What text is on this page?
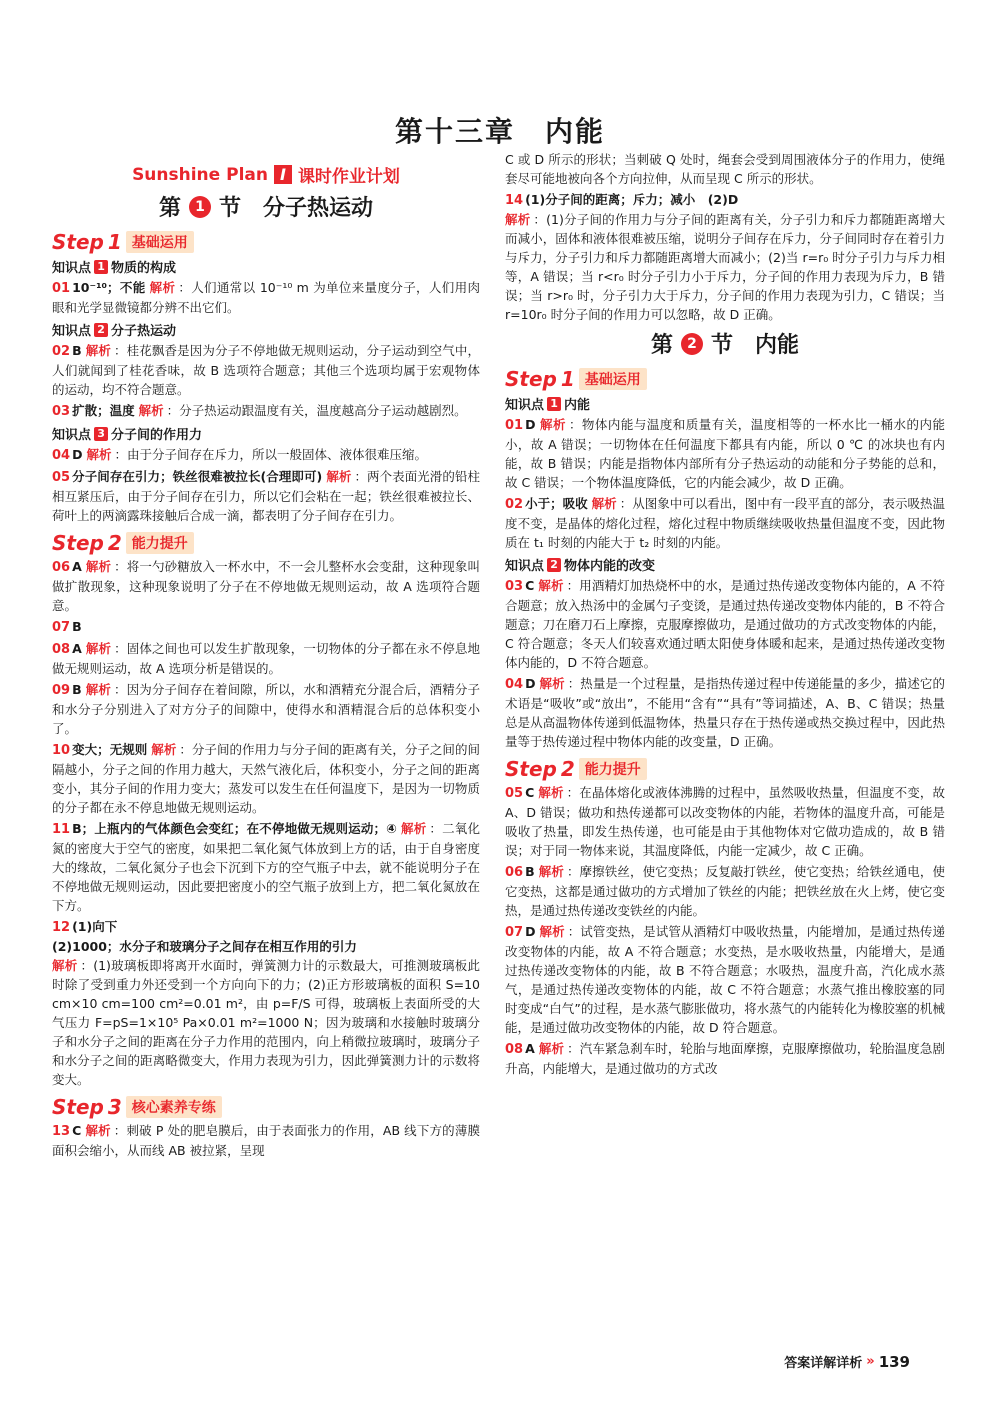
第十三章　内能
Sunshine Plan I 课时作业计划
第	1 节　分子热运动
Step 1 基础运用
知识点 1 物质的构成

01 10⁻¹⁰；不能 解析 ：人们通常以 10⁻¹⁰ m 为单位来量度分子，人们用肉眼和光学显微镜都分辨不出它们。

知识点 2 分子热运动

02 B 解析 ：桂花飘香是因为分子不停地做无规则运动，分子运动到空气中，人们就闻到了桂花香味，故 B 选项符合题意；其他三个选项均属于宏观物体的运动，均不符合题意。

03 扩散；温度 解析 ：分子热运动跟温度有关，温度越高分子运动越剧烈。

知识点 3 分子间的作用力

04 D 解析 ：由于分子间存在斥力，所以一般固体、液体很难压缩。

05 分子间存在引力；铁丝很难被拉长(合理即可) 解析 ：两个表面光滑的铅柱相互紧压后，由于分子间存在引力，所以它们会粘在一起；铁丝很难被拉长、荷叶上的两滴露珠接触后合成一滴，都表明了分子间存在引力。

Step 2 能力提升

06 A 解析 ：将一勺砂糖放入一杯水中，不一会儿整杯水会变甜，这种现象叫做扩散现象，这种现象说明了分子在不停地做无规则运动，故 A 选项符合题意。

07 B

08 A 解析 ：固体之间也可以发生扩散现象，一切物体的分子都在永不停息地做无规则运动，故 A 选项分析是错误的。

09 B 解析 ：因为分子间存在着间隙，所以，水和酒精充分混合后，酒精分子和水分子分别进入了对方分子的间隙中，使得水和酒精混合后的总体积变小了。

10 变大；无规则 解析 ：分子间的作用力与分子间的距离有关，分子之间的间隔越小，分子之间的作用力越大，天然气液化后，体积变小，分子之间的距离变小，其分子间的作用力变大；蒸发可以发生在任何温度下，是因为一切物质的分子都在永不停息地做无规则运动。

11 B；上瓶内的气体颜色会变红；在不停地做无规则运动；④ 解析 ：二氧化氮的密度大于空气的密度，如果把二氧化氮气体放到上方的话，由于自身密度大的缘故，二氧化氮分子也会下沉到下方的空气瓶子中去，就不能说明分子在不停地做无规则运动，因此要把密度小的空气瓶子放到上方，把二氧化氮放在下方。

12 (1)向下
(2)1000；水分子和玻璃分子之间存在相互作用的引力
解析 ：(1)玻璃板即将离开水面时，弹簧测力计的示数最大，可推测玻璃板此时除了受到重力外还受到一个方向向下的力；(2)正方形玻璃板的面积 S=10 cm×10 cm=100 cm²=0.01 m²，由 p=F/S 可得，玻璃板上表面所受的大气压力 F=pS=1×10⁵ Pa×0.01 m²=1000 N；因为玻璃和水接触时玻璃分子和水分子之间的距离在分子力作用的范围内，向上稍微拉玻璃时，玻璃分子和水分子之间的距离略微变大，作用力表现为引力，因此弹簧测力计的示数将变大。

Step 3 核心素养专练

13 C 解析 ：刺破 P 处的肥皂膜后，由于表面张力的作用，AB 线下方的薄膜面积会缩小，从而线 AB 被拉紧，呈现

C 或 D 所示的形状；当刺破 Q 处时，绳套会受到周围液体分子的作用力，使绳套尽可能地被向各个方向拉伸，从而呈现 C 所示的形状。

14 (1)分子间的距离；斥力；减小　(2)D
解析 ：(1)分子间的作用力与分子间的距离有关，分子引力和斥力都随距离增大而减小，固体和液体很难被压缩，说明分子间存在斥力，分子间同时存在着引力与斥力，分子引力和斥力都随距离增大而减小；(2)当 r=r₀ 时分子引力与斥力相等，A 错误；当 r<r₀ 时分子引力小于斥力，分子间的作用力表现为斥力，B 错误；当 r>r₀ 时，分子引力大于斥力，分子间的作用力表现为引力，C 错误；当 r=10r₀ 时分子间的作用力可以忽略，故 D 正确。

第	2 节　内能
Step 1 基础运用
知识点 1 内能

01 D 解析 ：物体内能与温度和质量有关，温度相等的一杯水比一桶水的内能小，故 A 错误；一切物体在任何温度下都具有内能，所以 0 ℃ 的冰块也有内能，故 B 错误；内能是指物体内部所有分子热运动的动能和分子势能的总和，故 C 错误；一个物体温度降低，它的内能会减少，故 D 正确。

02 小于；吸收 解析 ：从图象中可以看出，图中有一段平直的部分，表示吸热温度不变，是晶体的熔化过程，熔化过程中物质继续吸收热量但温度不变，因此物质在 t₁ 时刻的内能大于 t₂ 时刻的内能。

知识点 2 物体内能的改变

03 C 解析 ：用酒精灯加热烧杯中的水，是通过热传递改变物体内能的，A 不符合题意；放入热汤中的金属勺子变烫，是通过热传递改变物体内能的，B 不符合题意；刀在磨刀石上摩擦，克服摩擦做功，是通过做功的方式改变物体的内能，C 符合题意；冬天人们较喜欢通过晒太阳使身体暖和起来，是通过热传递改变物体内能的，D 不符合题意。

04 D 解析 ：热量是一个过程量，是指热传递过程中传递能量的多少，描述它的术语是“吸收”或“放出”，不能用“含有”“具有”等词描述，A、B、C 错误；热量总是从高温物体传递到低温物体，热量只存在于热传递或热交换过程中，因此热量等于热传递过程中物体内能的改变量，D 正确。

Step 2 能力提升

05 C 解析 ：在晶体熔化或液体沸腾的过程中，虽然吸收热量，但温度不变，故 A、D 错误；做功和热传递都可以改变物体的内能，若物体的温度升高，可能是吸收了热量，即发生热传递，也可能是由于其他物体对它做功造成的，故 B 错误；对于同一物体来说，其温度降低，内能一定减少，故 C 正确。

06 B 解析 ：摩擦铁丝，使它变热；反复敲打铁丝，使它变热；给铁丝通电，使它变热，这都是通过做功的方式增加了铁丝的内能；把铁丝放在火上烤，使它变热，是通过热传递改变铁丝的内能。

07 D 解析 ：试管变热，是试管从酒精灯中吸收热量，内能增加，是通过热传递改变物体的内能，故 A 不符合题意；水变热，是水吸收热量，内能增大，是通过热传递改变物体的内能，故 B 不符合题意；水吸热，温度升高，汽化成水蒸气，是通过热传递改变物体的内能，故 C 不符合题意；水蒸气推出橡胶塞的同时变成“白气”的过程，是水蒸气膨胀做功，将水蒸气的内能转化为橡胶塞的机械能，是通过做功改变物体的内能，故 D 符合题意。

08 A 解析 ：汽车紧急刹车时，轮胎与地面摩擦，克服摩擦做功，轮胎温度急剧升高，内能增大，是通过做功的方式改

答案详解详析 » 139
